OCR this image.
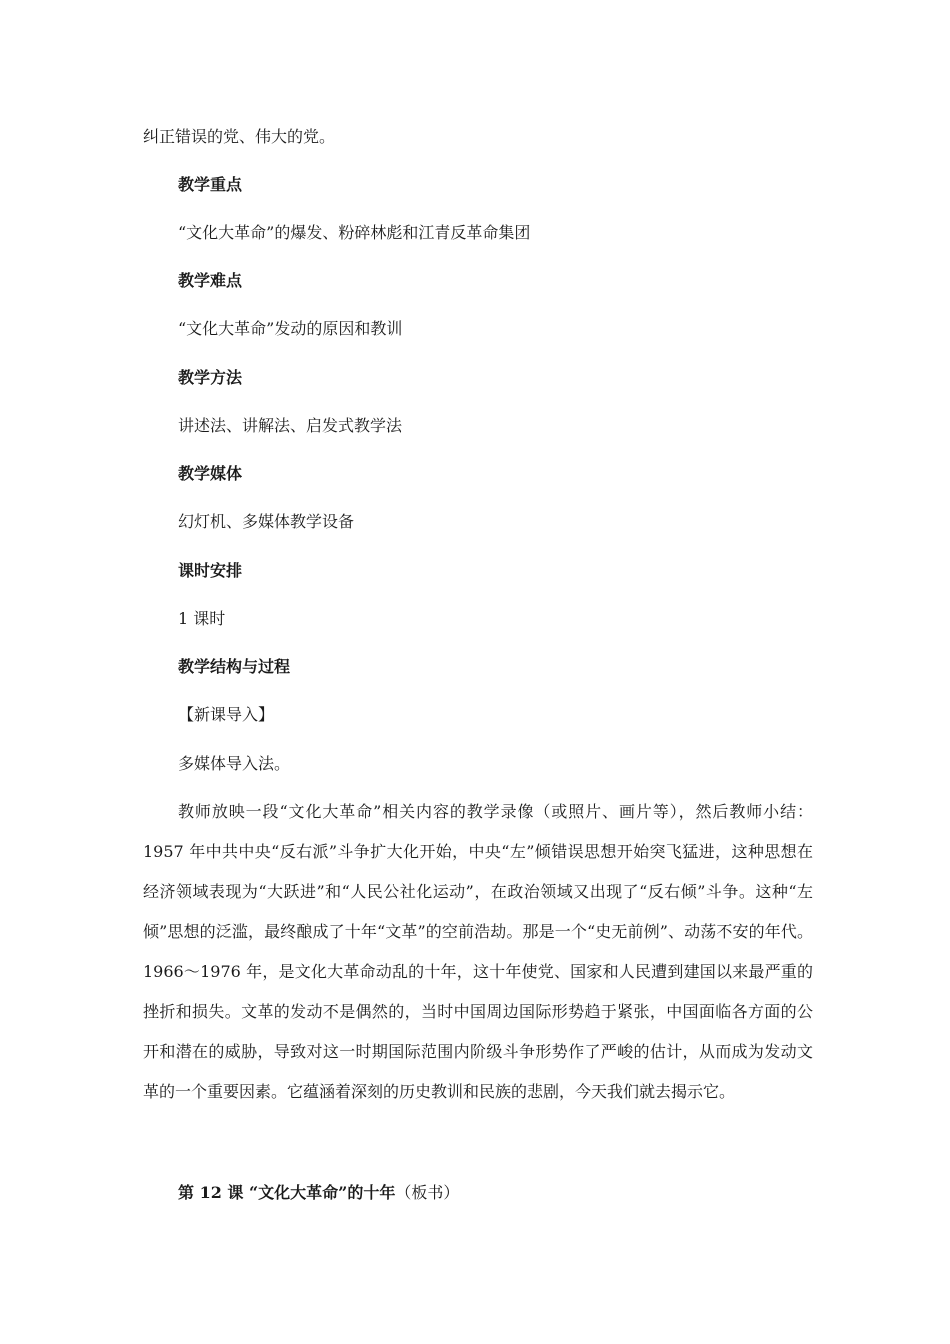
纠正错误的党、伟大的党。
教学重点
“文化大革命”的爆发、粉碎林彪和江青反革命集团
教学难点
“文化大革命”发动的原因和教训
教学方法
讲述法、讲解法、启发式教学法
教学媒体
幻灯机、多媒体教学设备
课时安排
1 课时
教学结构与过程
【新课导入】
多媒体导入法。
教师放映一段“文化大革命”相关内容的教学录像（或照片、画片等），然后教师小结：1957 年中共中央“反右派”斗争扩大化开始，中央“左”倾错误思想开始突飞猛进，这种思想在经济领域表现为“大跃进”和“人民公社化运动”，在政治领域又出现了“反右倾”斗争。这种“左倾”思想的泛滥，最终酿成了十年“文革”的空前浩劫。那是一个“史无前例”、动荡不安的年代。1966～1976 年，是文化大革命动乱的十年，这十年使党、国家和人民遭到建国以来最严重的挫折和损失。文革的发动不是偶然的，当时中国周边国际形势趋于紧张，中国面临各方面的公开和潜在的威胁，导致对这一时期国际范围内阶级斗争形势作了严峻的估计，从而成为发动文革的一个重要因素。它蕴涵着深刻的历史教训和民族的悲剧，今天我们就去揭示它。
第 12 课 “文化大革命”的十年（板书）
